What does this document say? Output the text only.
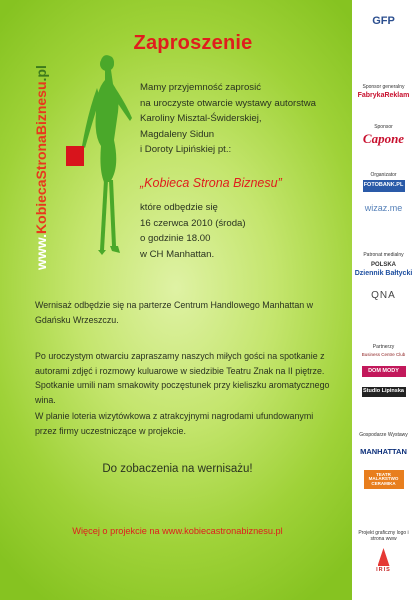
Zaproszenie
www.KobiecaStronaBiznesu.pl
Mamy przyjemność zaprosić
na uroczyste otwarcie wystawy autorstwa
Karoliny Misztal-Świderskiej,
Magdaleny Sidun
i Doroty Lipińskiej pt.:
„Kobieca Strona Biznesu”
które odbędzie się
16 czerwca 2010 (środa)
o godzinie 18.00
w CH Manhattan.
Wernisaż odbędzie się na parterze Centrum Handlowego Manhattan w Gdańsku Wrzeszczu.
Po uroczystym otwarciu zapraszamy naszych miłych gości na spotkanie z autorami zdjęć i rozmowy kuluarowe w siedzibie Teatru Znak na II piętrze. Spotkanie umili nam smakowity poczęstunek przy kieliszku aromatycznego wina.
W planie loteria wizytówkowa z atrakcyjnymi nagrodami ufundowanymi przez firmy uczestniczące w projekcie.
Do zobaczenia na wernisażu!
Więcej o projekcie na www.kobiecastronabiznesu.pl
GFP
Sponsor generalny
FabrykaReklam
Sponsor
Capone
Organizator
FOTOBANK.PL
wizaz.me
Patronat medialny
POLSKA
Dziennik Bałtycki
QNA
Partnerzy
Business Centre Club
DOM MODY
Studio Lipinska
Gospodarze Wystawy
MANHATTAN
TEATR MALARSTWO CERAMIKA
Projekt graficzny logo i strona www
IRIS
